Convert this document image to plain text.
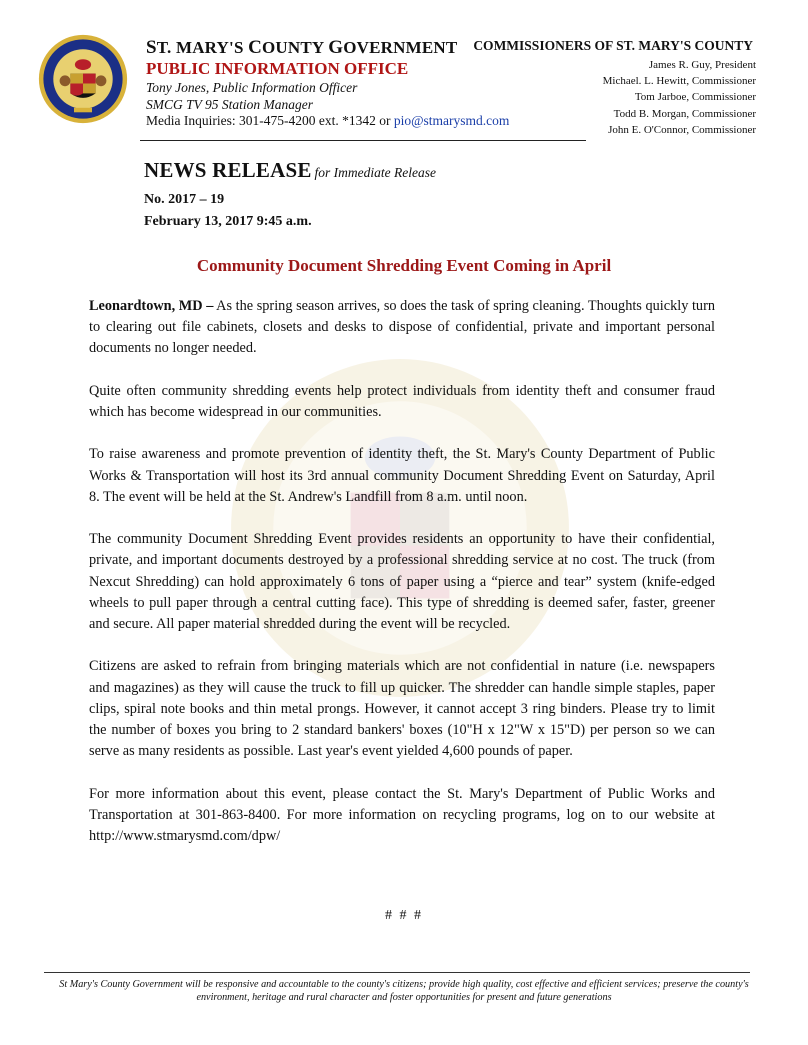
ST. MARY'S COUNTY GOVERNMENT
PUBLIC INFORMATION OFFICE
Tony Jones, Public Information Officer
SMCG TV 95 Station Manager
Media Inquiries: 301-475-4200 ext. *1342 or pio@stmarysmd.com
COMMISSIONERS OF ST. MARY'S COUNTY
James R. Guy, President
Michael. L. Hewitt, Commissioner
Tom Jarboe, Commissioner
Todd B. Morgan, Commissioner
John E. O'Connor, Commissioner
NEWS RELEASE for Immediate Release
No. 2017 – 19
February 13, 2017 9:45 a.m.
Community Document Shredding Event Coming in April

Leonardtown, MD – As the spring season arrives, so does the task of spring cleaning. Thoughts quickly turn to clearing out file cabinets, closets and desks to dispose of confidential, private and important personal documents no longer needed.

Quite often community shredding events help protect individuals from identity theft and consumer fraud which has become widespread in our communities.

To raise awareness and promote prevention of identity theft, the St. Mary's County Department of Public Works & Transportation will host its 3rd annual community Document Shredding Event on Saturday, April 8. The event will be held at the St. Andrew's Landfill from 8 a.m. until noon.

The community Document Shredding Event provides residents an opportunity to have their confidential, private, and important documents destroyed by a professional shredding service at no cost. The truck (from Nexcut Shredding) can hold approximately 6 tons of paper using a “pierce and tear” system (knife-edged wheels to pull paper through a central cutting face). This type of shredding is deemed safer, faster, greener and secure. All paper material shredded during the event will be recycled.

Citizens are asked to refrain from bringing materials which are not confidential in nature (i.e. newspapers and magazines) as they will cause the truck to fill up quicker. The shredder can handle simple staples, paper clips, spiral note books and thin metal prongs. However, it cannot accept 3 ring binders. Please try to limit the number of boxes you bring to 2 standard bankers' boxes (10"H x 12"W x 15"D) per person so we can serve as many residents as possible. Last year's event yielded 4,600 pounds of paper.

For more information about this event, please contact the St. Mary's Department of Public Works and Transportation at 301-863-8400. For more information on recycling programs, log on to our website at http://www.stmarysmd.com/dpw/

# # #
St Mary's County Government will be responsive and accountable to the county's citizens; provide high quality, cost effective and efficient services; preserve the county's environment, heritage and rural character and foster opportunities for present and future generations
